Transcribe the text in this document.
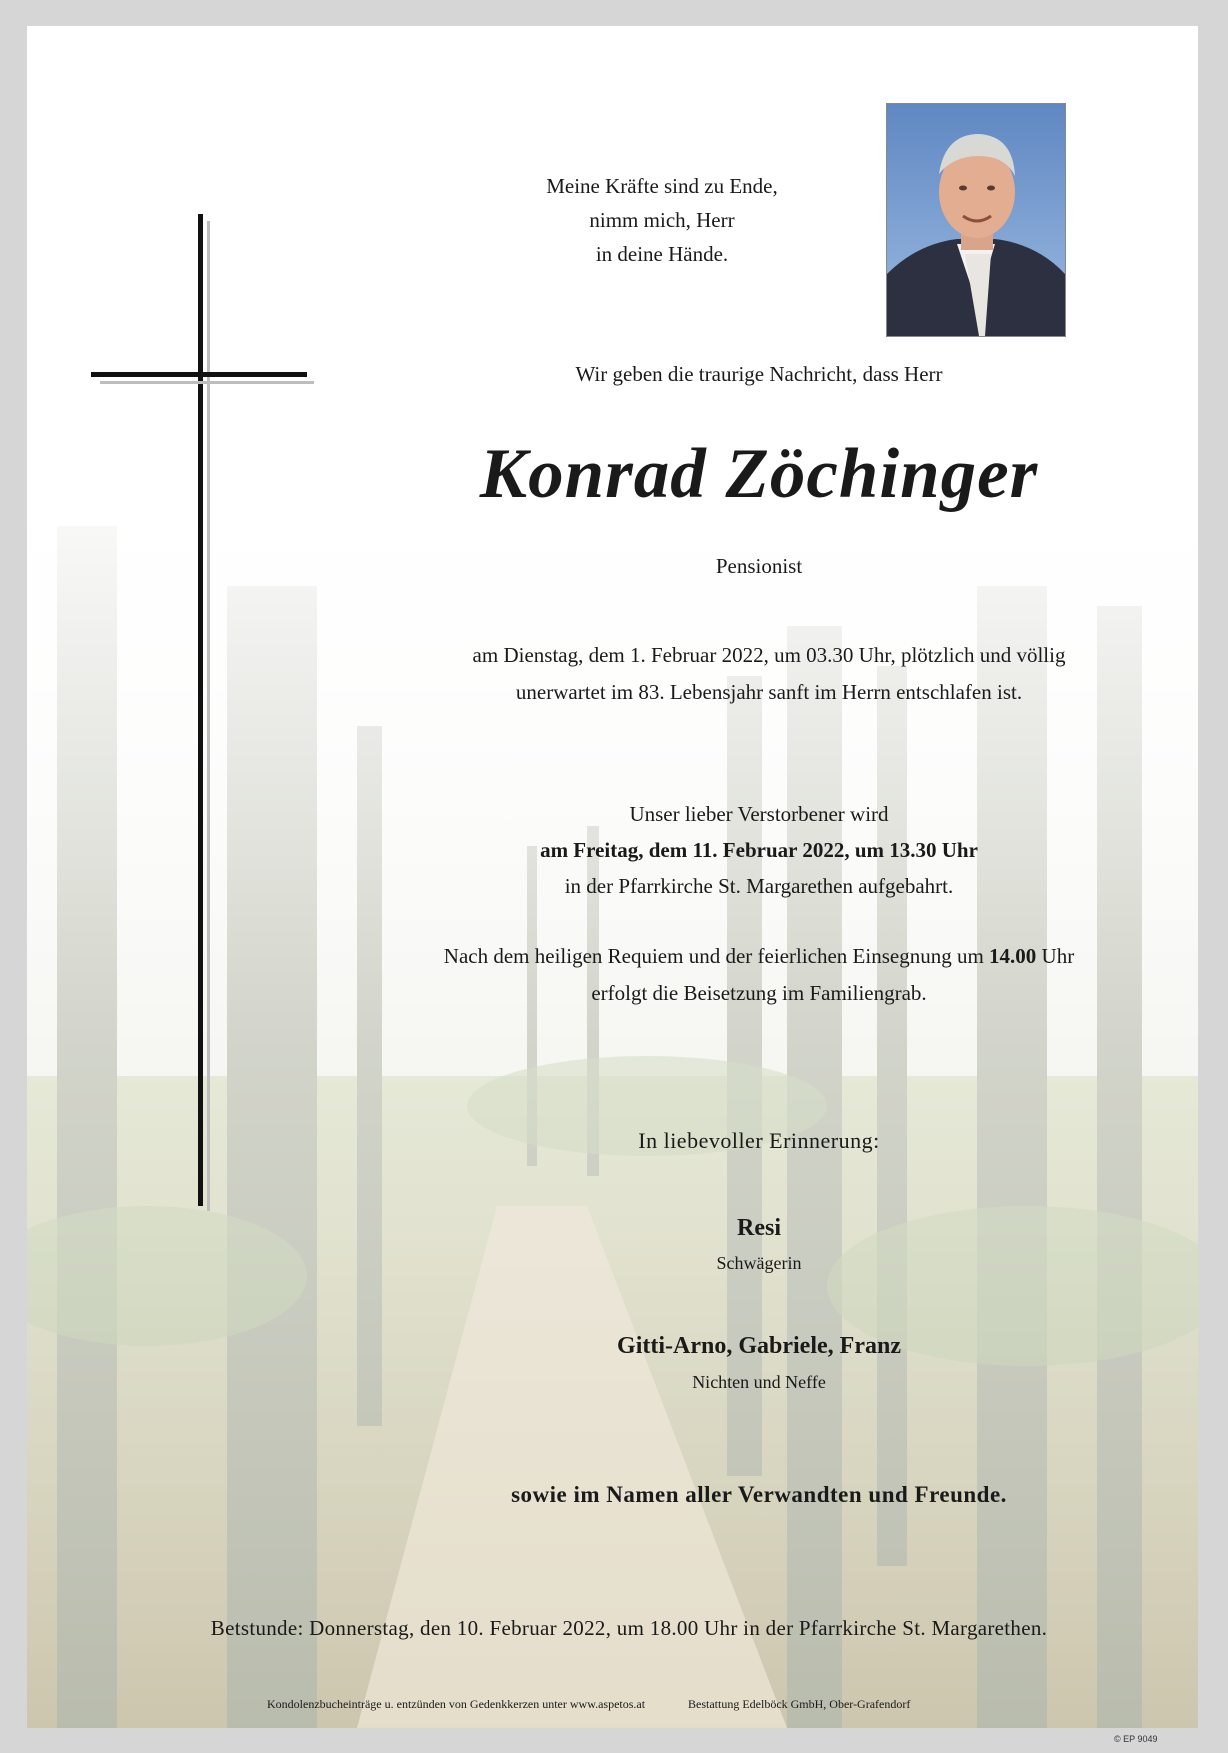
Meine Kräfte sind zu Ende,
nimm mich, Herr
in deine Hände.
Wir geben die traurige Nachricht, dass Herr
Konrad Zöchinger
Pensionist
am Dienstag, dem 1. Februar 2022, um 03.30 Uhr, plötzlich und völlig
unerwartet im 83. Lebensjahr sanft im Herrn entschlafen ist.
Unser lieber Verstorbener wird
am Freitag, dem 11. Februar 2022, um 13.30 Uhr
in der Pfarrkirche St. Margarethen aufgebahrt.
Nach dem heiligen Requiem und der feierlichen Einsegnung um 14.00 Uhr
erfolgt die Beisetzung im Familiengrab.
In liebevoller Erinnerung:
Resi
Schwägerin
Gitti-Arno, Gabriele, Franz
Nichten und Neffe
sowie im Namen aller Verwandten und Freunde.
Betstunde: Donnerstag, den 10. Februar 2022, um 18.00 Uhr in der Pfarrkirche St. Margarethen.
Kondolenzbucheinträge u. entzünden von Gedenkkerzen unter www.aspetos.at	Bestattung Edelböck GmbH, Ober-Grafendorf
© EP 9049
